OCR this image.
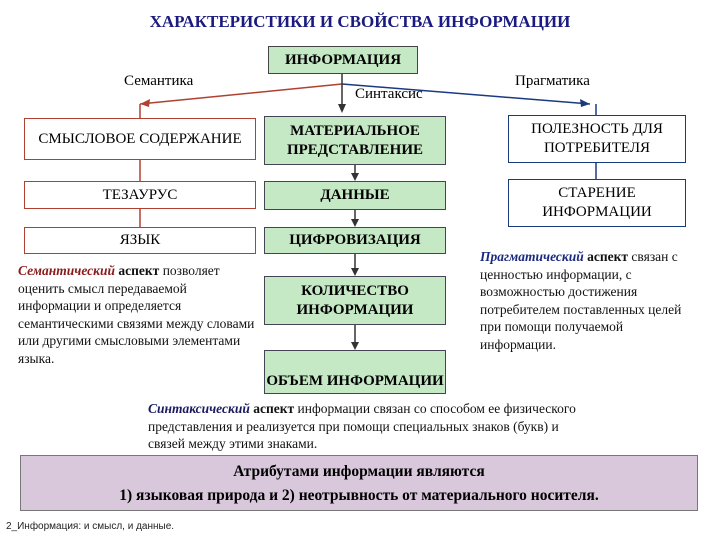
ХАРАКТЕРИСТИКИ И СВОЙСТВА ИНФОРМАЦИИ
ИНФОРМАЦИЯ
Семантика
Синтаксис
Прагматика
СМЫСЛОВОЕ СОДЕРЖАНИЕ
ТЕЗАУРУС
ЯЗЫК
МАТЕРИАЛЬНОЕ ПРЕДСТАВЛЕНИЕ
ДАННЫЕ
ЦИФРОВИЗАЦИЯ
КОЛИЧЕСТВО ИНФОРМАЦИИ
ОБЪЕМ ИНФОРМАЦИИ
ПОЛЕЗНОСТЬ ДЛЯ ПОТРЕБИТЕЛЯ
СТАРЕНИЕ ИНФОРМАЦИИ
Семантический аспект позволяет оценить смысл передаваемой информации и определяется семантическими связями между словами или другими смысловыми элементами языка.
Прагматический аспект связан с ценностью информации, с возможностью достижения потребителем поставленных целей при помощи получаемой информации.
Синтаксический аспект информации связан со способом ее физического представления и реализуется при помощи специальных знаков (букв) и связей между этими знаками.
Атрибутами информации являются
1) языковая природа и 2) неотрывность от материального носителя.
2_Информация: и смысл, и данные.
